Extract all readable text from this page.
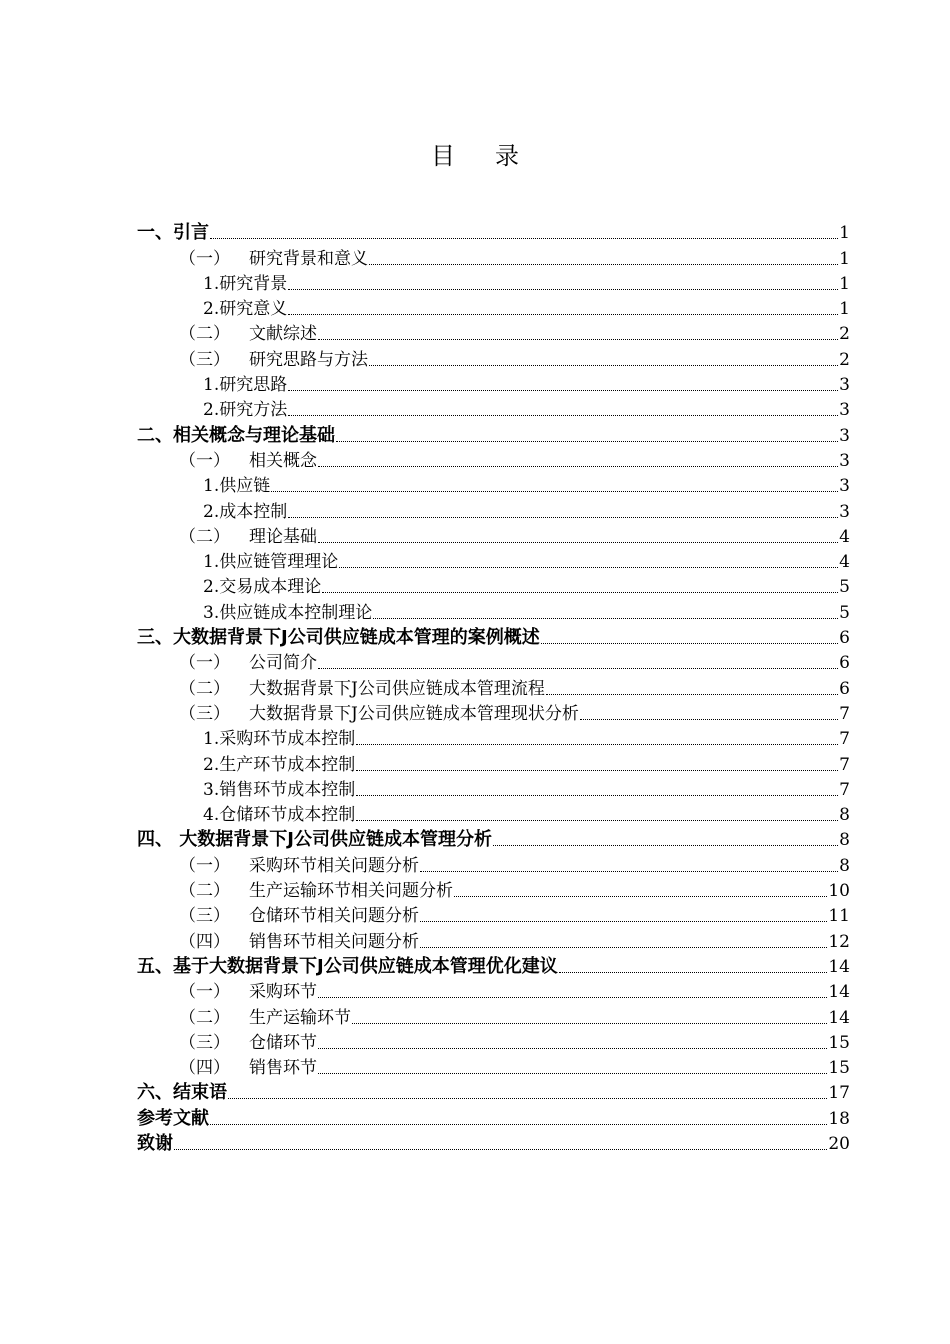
目 录
一、引言	1
（一） 研究背景和意义	1
1.研究背景	1
2.研究意义	1
（二） 文献综述	2
（三） 研究思路与方法	2
1.研究思路	3
2.研究方法	3
二、相关概念与理论基础	3
（一） 相关概念	3
1.供应链	3
2.成本控制	3
（二） 理论基础	4
1.供应链管理理论	4
2.交易成本理论	5
3.供应链成本控制理论	5
三、大数据背景下J公司供应链成本管理的案例概述	6
（一） 公司简介	6
（二） 大数据背景下J公司供应链成本管理流程	6
（三） 大数据背景下J公司供应链成本管理现状分析	7
1.采购环节成本控制	7
2.生产环节成本控制	7
3.销售环节成本控制	7
4.仓储环节成本控制	8
四、 大数据背景下J公司供应链成本管理分析	8
（一） 采购环节相关问题分析	8
（二） 生产运输环节相关问题分析	10
（三） 仓储环节相关问题分析	11
（四） 销售环节相关问题分析	12
五、基于大数据背景下J公司供应链成本管理优化建议	14
（一） 采购环节	14
（二） 生产运输环节	14
（三） 仓储环节	15
（四） 销售环节	15
六、结束语	17
参考文献	18
致谢	20
